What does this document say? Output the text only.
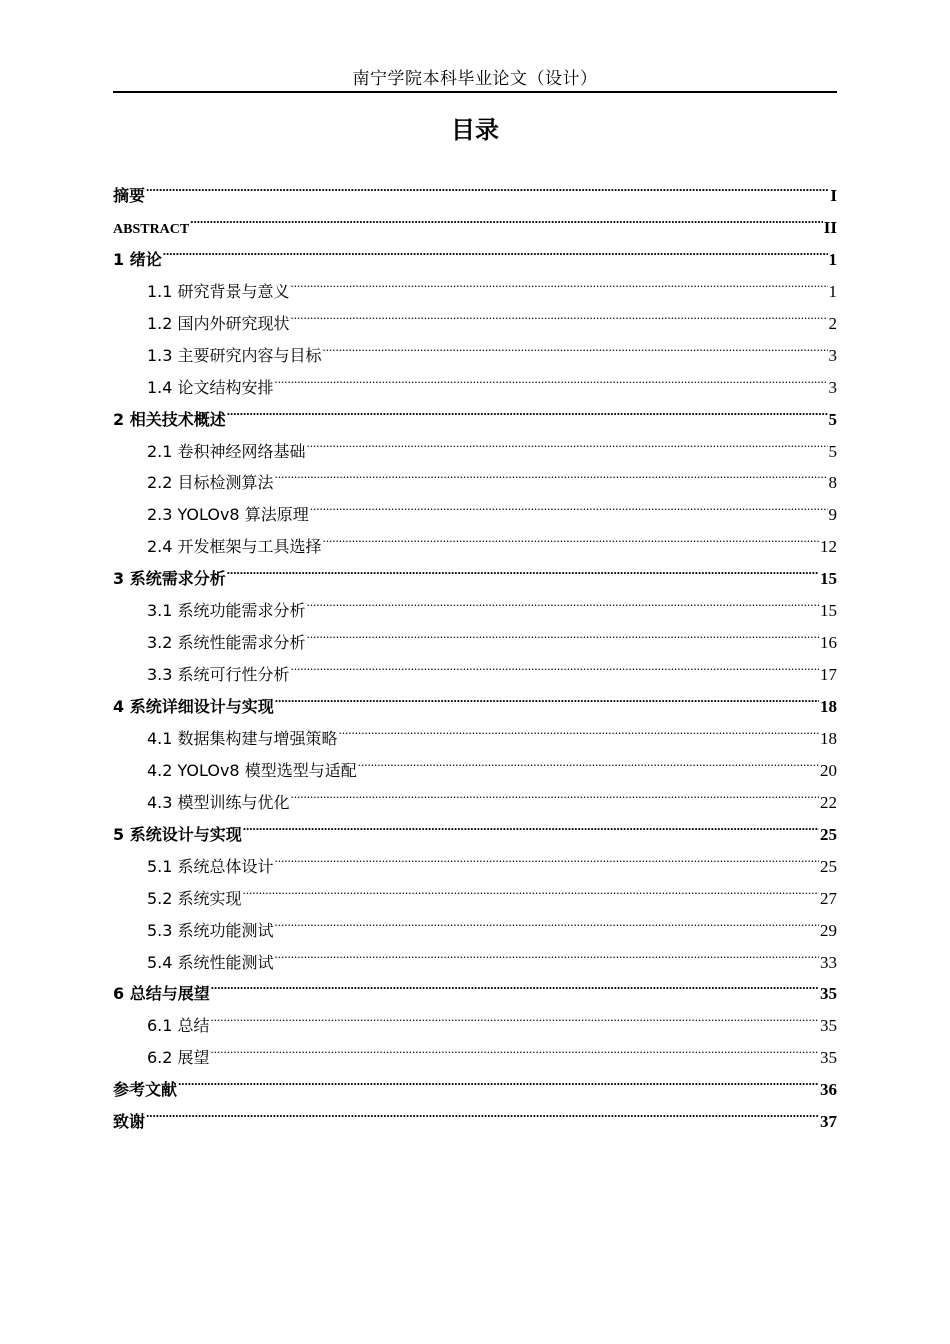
南宁学院本科毕业论文（设计）
目录
摘要 .....	I
ABSTRACT .....	II
1 绪论 .....	1
1.1 研究背景与意义 .....	1
1.2 国内外研究现状 .....	2
1.3 主要研究内容与目标 .....	3
1.4 论文结构安排 .....	3
2 相关技术概述 .....	5
2.1 卷积神经网络基础 .....	5
2.2 目标检测算法 .....	8
2.3 YOLOv8 算法原理 .....	9
2.4 开发框架与工具选择 .....	12
3 系统需求分析 .....	15
3.1 系统功能需求分析 .....	15
3.2 系统性能需求分析 .....	16
3.3 系统可行性分析 .....	17
4 系统详细设计与实现 .....	18
4.1 数据集构建与增强策略 .....	18
4.2 YOLOv8 模型选型与适配 .....	20
4.3 模型训练与优化 .....	22
5 系统设计与实现 .....	25
5.1 系统总体设计 .....	25
5.2 系统实现 .....	27
5.3 系统功能测试 .....	29
5.4 系统性能测试 .....	33
6 总结与展望 .....	35
6.1 总结 .....	35
6.2 展望 .....	35
参考文献 .....	36
致谢 .....	37
